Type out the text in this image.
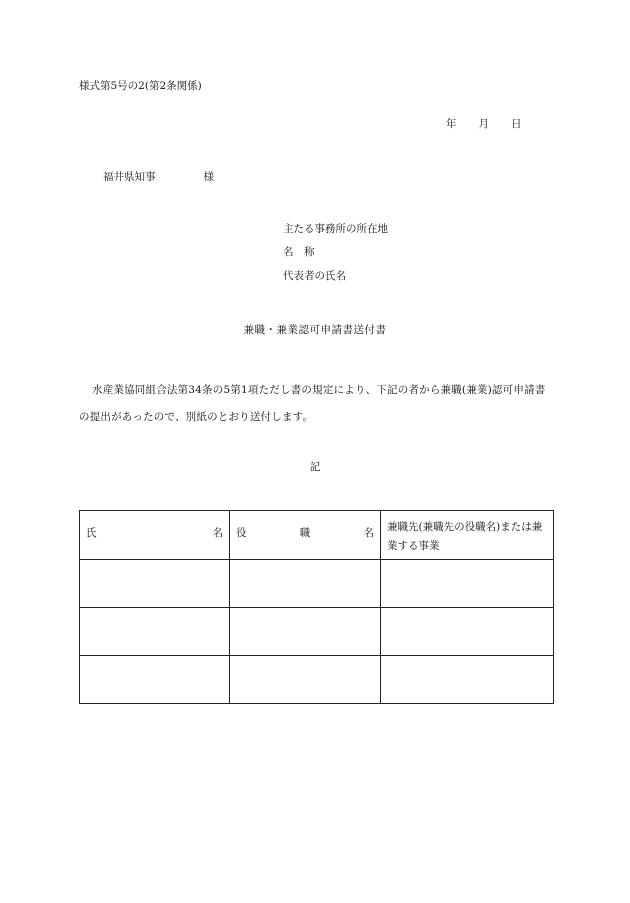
様式第5号の2(第2条関係)
年 月 日
福井県知事	様
主たる事務所の所在地
名　称
代表者の氏名
兼職・兼業認可申請書送付書
水産業協同組合法第34条の5第1項ただし書の規定により、下記の者から兼職(兼業)認可申請書の提出があったので、別紙のとおり送付します。
記
氏 名	役 職 名	兼職先(兼職先の役職名)または兼業する事業
